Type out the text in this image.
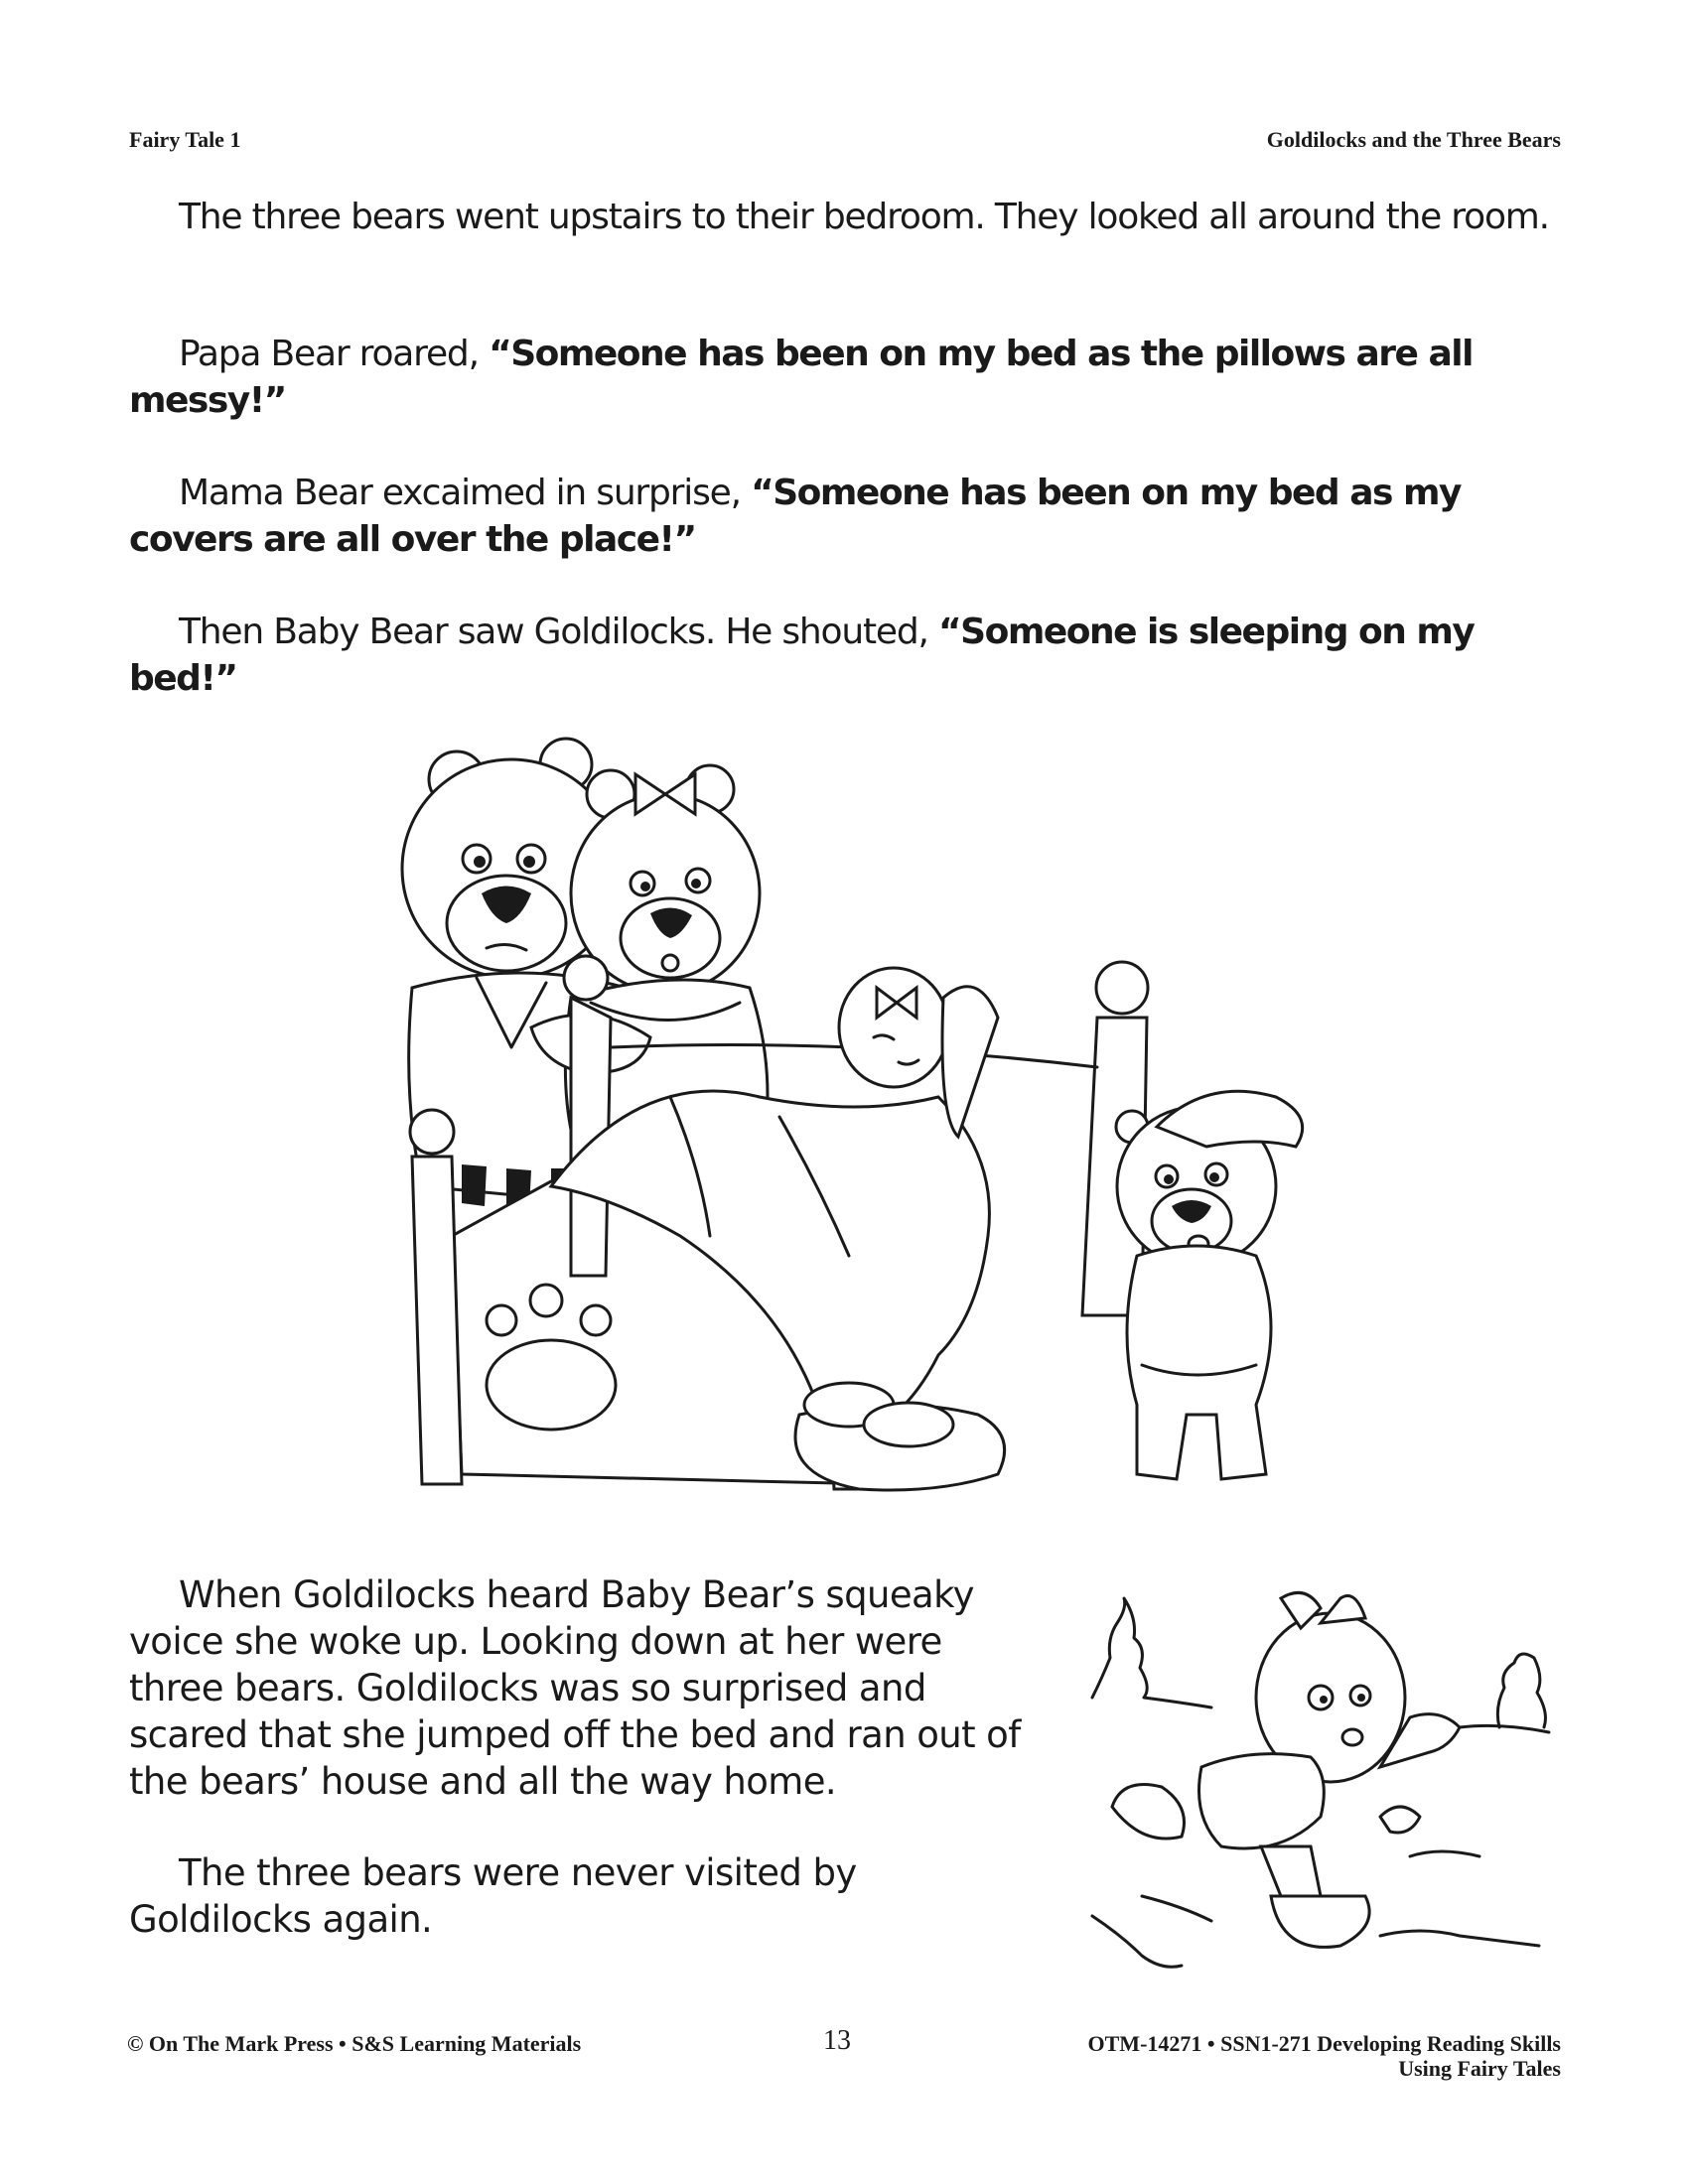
Fairy Tale 1	Goldilocks and the Three Bears

The three bears went upstairs to their bedroom. They looked all around the room.

Papa Bear roared, “Someone has been on my bed as the pillows are all messy!”

Mama Bear excaimed in surprise, “Someone has been on my bed as my covers are all over the place!”

Then Baby Bear saw Goldilocks. He shouted, “Someone is sleeping on my bed!”

When Goldilocks heard Baby Bear’s squeaky voice she woke up. Looking down at her were three bears. Goldilocks was so surprised and scared that she jumped off the bed and ran out of the bears’ house and all the way home.

The three bears were never visited by Goldilocks again.

© On The Mark Press • S&S Learning Materials	13	OTM-14271 • SSN1-271 Developing Reading Skills
Using Fairy Tales
